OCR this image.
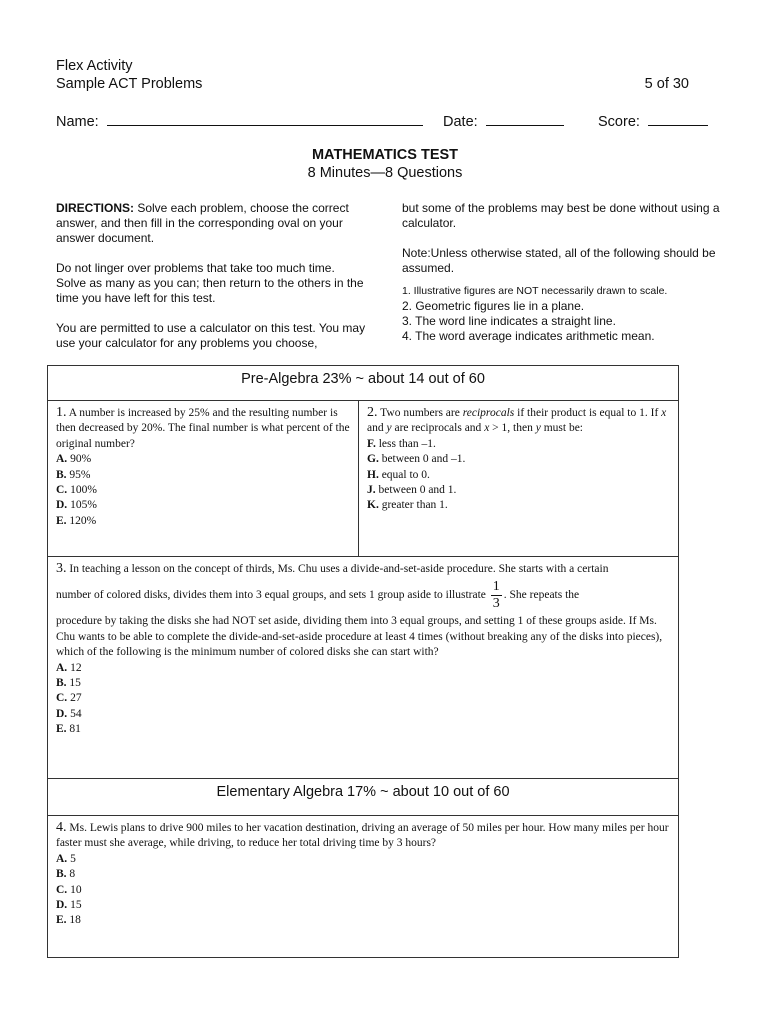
Flex Activity
Sample ACT Problems	5 of 30
Name:	Date:	Score:
MATHEMATICS TEST
8 Minutes—8 Questions

DIRECTIONS: Solve each problem, choose the correct answer, and then fill in the corresponding oval on your answer document.

Do not linger over problems that take too much time. Solve as many as you can; then return to the others in the time you have left for this test.

You are permitted to use a calculator on this test. You may use your calculator for any problems you choose,

but some of the problems may best be done without using a calculator.

Note:Unless otherwise stated, all of the following should be assumed.

1. Illustrative figures are NOT necessarily drawn to scale.
2. Geometric figures lie in a plane.
3. The word line indicates a straight line.
4. The word average indicates arithmetic mean.
Pre-Algebra 23% ~ about 14 out of 60
1. A number is increased by 25% and the resulting number is then decreased by 20%. The final number is what percent of the original number?
A. 90%
B. 95%
C. 100%
D. 105%
E. 120%
2. Two numbers are reciprocals if their product is equal to 1. If x and y are reciprocals and x > 1, then y must be:
F. less than –1.
G. between 0 and –1.
H. equal to 0.
J. between 0 and 1.
K. greater than 1.
3. In teaching a lesson on the concept of thirds, Ms. Chu uses a divide-and-set-aside procedure. She starts with a certain
number of colored disks, divides them into 3 equal groups, and sets 1 group aside to illustrate $\frac{1}{3}$ . She repeats the
procedure by taking the disks she had NOT set aside, dividing them into 3 equal groups, and setting 1 of these groups aside. If Ms. Chu wants to be able to complete the divide-and-set-aside procedure at least 4 times (without breaking any of the disks into pieces), which of the following is the minimum number of colored disks she can start with?
A. 12
B. 15
C. 27
D. 54
E. 81
Elementary Algebra 17% ~ about 10 out of 60
4. Ms. Lewis plans to drive 900 miles to her vacation destination, driving an average of 50 miles per hour. How many miles per hour faster must she average, while driving, to reduce her total driving time by 3 hours?
A. 5
B. 8
C. 10
D. 15
E. 18
